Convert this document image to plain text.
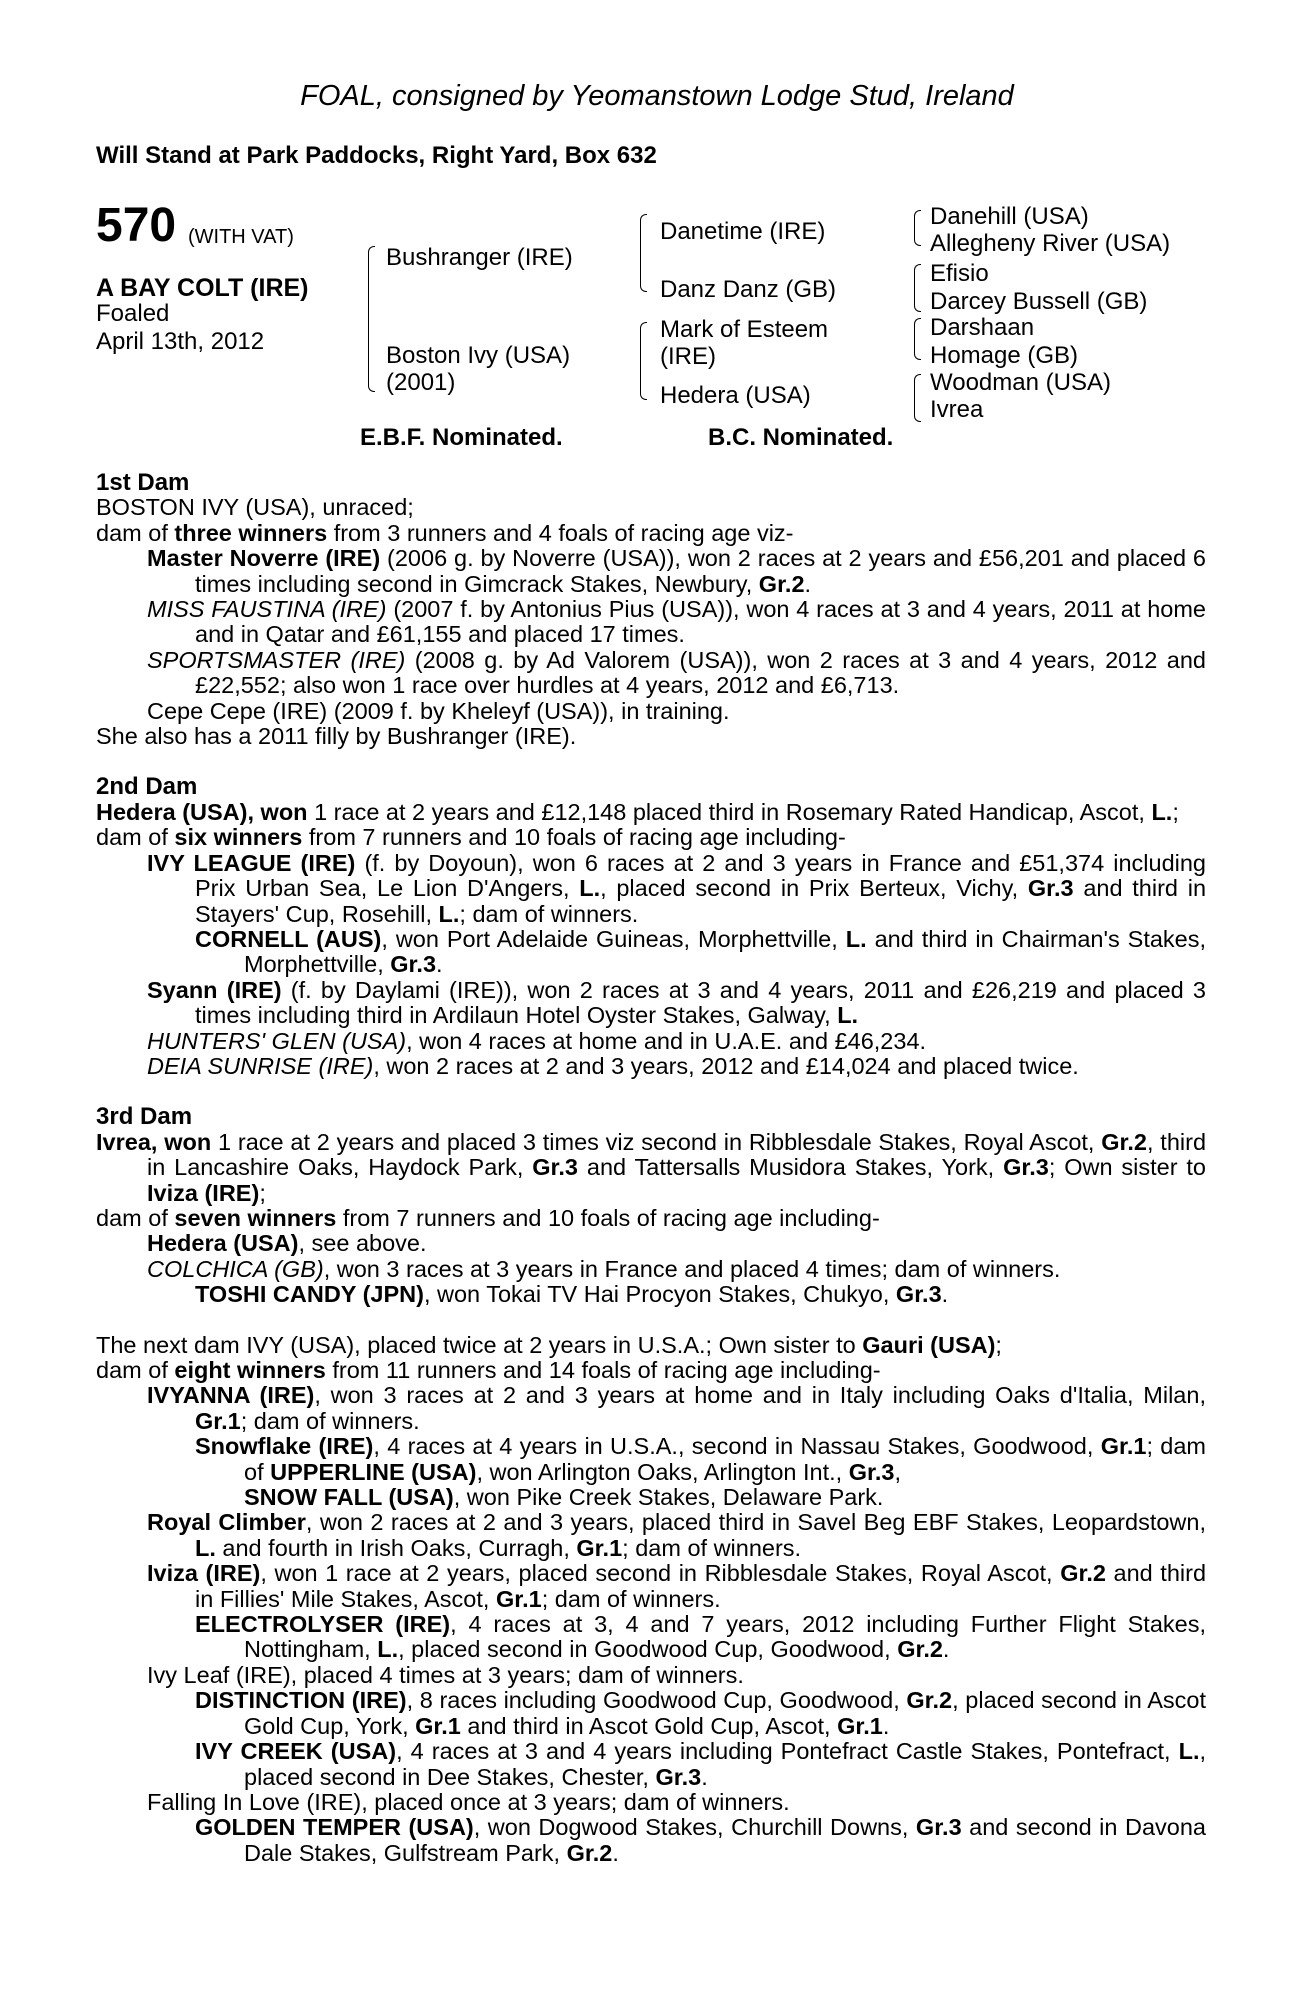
FOAL, consigned by Yeomanstown Lodge Stud, Ireland
Will Stand at Park Paddocks, Right Yard, Box 632
570 (WITH VAT)
A BAY COLT (IRE)
Foaled
April 13th, 2012
Bushranger (IRE)
Boston Ivy (USA)
(2001)
Danetime (IRE)
Danz Danz (GB)
Mark of Esteem
(IRE)
Hedera (USA)
Danehill (USA)
Allegheny River (USA)
Efisio
Darcey Bussell (GB)
Darshaan
Homage (GB)
Woodman (USA)
Ivrea
E.B.F. Nominated.	B.C. Nominated.

1st Dam

BOSTON IVY (USA), unraced;

dam of three winners from 3 runners and 4 foals of racing age viz-

Master Noverre (IRE) (2006 g. by Noverre (USA)), won 2 races at 2 years and £56,201 and placed 6 times including second in Gimcrack Stakes, Newbury, Gr.2.

MISS FAUSTINA (IRE) (2007 f. by Antonius Pius (USA)), won 4 races at 3 and 4 years, 2011 at home and in Qatar and £61,155 and placed 17 times.

SPORTSMASTER (IRE) (2008 g. by Ad Valorem (USA)), won 2 races at 3 and 4 years, 2012 and £22,552; also won 1 race over hurdles at 4 years, 2012 and £6,713.

Cepe Cepe (IRE) (2009 f. by Kheleyf (USA)), in training.

She also has a 2011 filly by Bushranger (IRE).

2nd Dam

Hedera (USA), won 1 race at 2 years and £12,148 placed third in Rosemary Rated Handicap, Ascot, L.;

dam of six winners from 7 runners and 10 foals of racing age including-

IVY LEAGUE (IRE) (f. by Doyoun), won 6 races at 2 and 3 years in France and £51,374 including Prix Urban Sea, Le Lion D'Angers, L., placed second in Prix Berteux, Vichy, Gr.3 and third in Stayers' Cup, Rosehill, L.; dam of winners.

CORNELL (AUS), won Port Adelaide Guineas, Morphettville, L. and third in Chairman's Stakes, Morphettville, Gr.3.

Syann (IRE) (f. by Daylami (IRE)), won 2 races at 3 and 4 years, 2011 and £26,219 and placed 3 times including third in Ardilaun Hotel Oyster Stakes, Galway, L.

HUNTERS' GLEN (USA), won 4 races at home and in U.A.E. and £46,234.

DEIA SUNRISE (IRE), won 2 races at 2 and 3 years, 2012 and £14,024 and placed twice.

3rd Dam

Ivrea, won 1 race at 2 years and placed 3 times viz second in Ribblesdale Stakes, Royal Ascot, Gr.2, third in Lancashire Oaks, Haydock Park, Gr.3 and Tattersalls Musidora Stakes, York, Gr.3; Own sister to Iviza (IRE);

dam of seven winners from 7 runners and 10 foals of racing age including-

Hedera (USA), see above.

COLCHICA (GB), won 3 races at 3 years in France and placed 4 times; dam of winners.

TOSHI CANDY (JPN), won Tokai TV Hai Procyon Stakes, Chukyo, Gr.3.

The next dam IVY (USA), placed twice at 2 years in U.S.A.; Own sister to Gauri (USA);

dam of eight winners from 11 runners and 14 foals of racing age including-

IVYANNA (IRE), won 3 races at 2 and 3 years at home and in Italy including Oaks d'Italia, Milan, Gr.1; dam of winners.

Snowflake (IRE), 4 races at 4 years in U.S.A., second in Nassau Stakes, Goodwood, Gr.1; dam of UPPERLINE (USA), won Arlington Oaks, Arlington Int., Gr.3,

SNOW FALL (USA), won Pike Creek Stakes, Delaware Park.

Royal Climber, won 2 races at 2 and 3 years, placed third in Savel Beg EBF Stakes, Leopardstown, L. and fourth in Irish Oaks, Curragh, Gr.1; dam of winners.

Iviza (IRE), won 1 race at 2 years, placed second in Ribblesdale Stakes, Royal Ascot, Gr.2 and third in Fillies' Mile Stakes, Ascot, Gr.1; dam of winners.

ELECTROLYSER (IRE), 4 races at 3, 4 and 7 years, 2012 including Further Flight Stakes, Nottingham, L., placed second in Goodwood Cup, Goodwood, Gr.2.

Ivy Leaf (IRE), placed 4 times at 3 years; dam of winners.

DISTINCTION (IRE), 8 races including Goodwood Cup, Goodwood, Gr.2, placed second in Ascot Gold Cup, York, Gr.1 and third in Ascot Gold Cup, Ascot, Gr.1.

IVY CREEK (USA), 4 races at 3 and 4 years including Pontefract Castle Stakes, Pontefract, L., placed second in Dee Stakes, Chester, Gr.3.

Falling In Love (IRE), placed once at 3 years; dam of winners.

GOLDEN TEMPER (USA), won Dogwood Stakes, Churchill Downs, Gr.3 and second in Davona Dale Stakes, Gulfstream Park, Gr.2.
